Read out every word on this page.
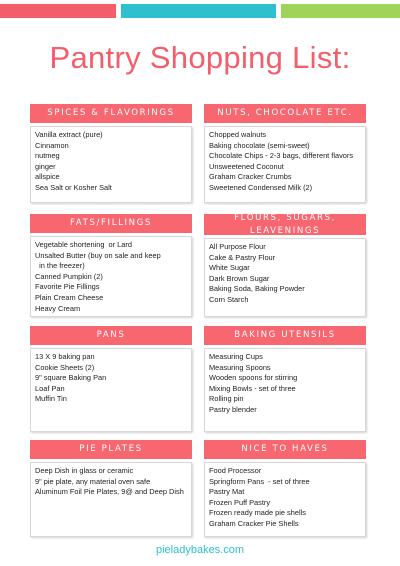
Pantry Shopping List:
SPICES & FLAVORINGS
Vanilla extract (pure)
Cinnamon
nutmeg
ginger
allspice
Sea Salt or Kosher Salt
NUTS, CHOCOLATE ETC.
Chopped walnuts
Baking chocolate (semi-sweet)
Chocolate Chips - 2-3 bags, different flavors
Unsweetened Coconut
Graham Cracker Crumbs
Sweetened Condensed Milk (2)
FATS/FILLINGS
Vegetable shortening  or Lard
Unsalted Butter (buy on sale and keep
in the freezer)
Canned Pumpkin (2)
Favorite Pie Fillings
Plain Cream Cheese
Heavy Cream
FLOURS, SUGARS, LEAVENINGS
All Purpose Flour
Cake & Pastry Flour
White Sugar
Dark Brown Sugar
Baking Soda, Baking Powder
Corn Starch
PANS
13 X 9 baking pan
Cookie Sheets (2)
9" square Baking Pan
Loaf Pan
Muffin Tin
BAKING UTENSILS
Measuring Cups
Measuring Spoons
Wooden spoons for stirring
Mixing Bowls - set of three
Rolling pin
Pastry blender
PIE PLATES
Deep Dish in glass or ceramic
9" pie plate, any material oven safe
Aluminum Foil Pie Plates, 9@ and Deep Dish
NICE TO HAVES
Food Processor
Springform Pans  - set of three
Pastry Mat
Frozen Puff Pastry
Frozen ready made pie shells
Graham Cracker Pie Shells
pieladybakes.com
